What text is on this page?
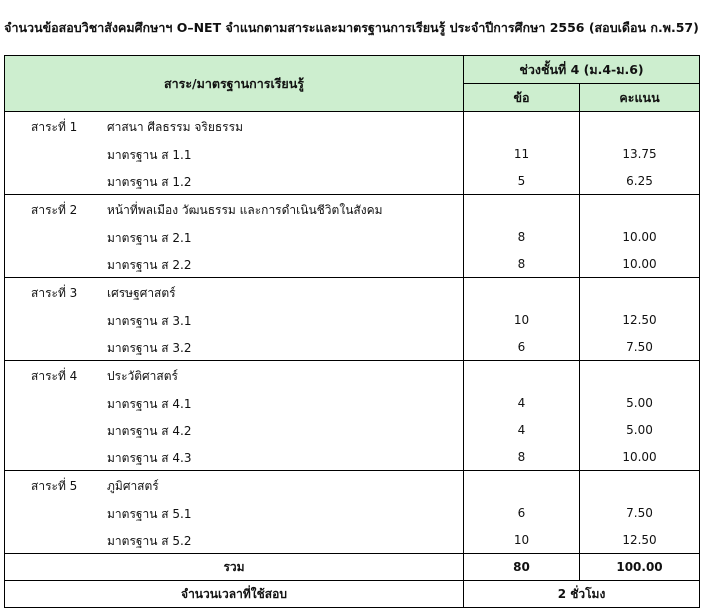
จำนวนข้อสอบวิชาสังคมศึกษาฯ O–NET จำแนกตามสาระและมาตรฐานการเรียนรู้ ประจำปีการศึกษา 2556 (สอบเดือน ก.พ.57)
สาระ/มาตรฐานการเรียนรู้	ช่วงชั้นที่ 4 (ม.4-ม.6)	
	ข้อ	คะแนน

สาระที่ 1 ศาสนา ศีลธรรม จริยธรรม		

มาตรฐาน ส 1.1	11	13.75

มาตรฐาน ส 1.2	5	6.25

สาระที่ 2 หน้าที่พลเมือง วัฒนธรรม และการดำเนินชีวิตในสังคม		

มาตรฐาน ส 2.1	8	10.00

มาตรฐาน ส 2.2	8	10.00

สาระที่ 3 เศรษฐศาสตร์		

มาตรฐาน ส 3.1	10	12.50

มาตรฐาน ส 3.2	6	7.50

สาระที่ 4 ประวัติศาสตร์		

มาตรฐาน ส 4.1	4	5.00

มาตรฐาน ส 4.2	4	5.00

มาตรฐาน ส 4.3	8	10.00

สาระที่ 5 ภูมิศาสตร์		

มาตรฐาน ส 5.1	6	7.50

มาตรฐาน ส 5.2	10	12.50
รวม	80	100.00
จำนวนเวลาที่ใช้สอบ	2 ชั่วโมง	
